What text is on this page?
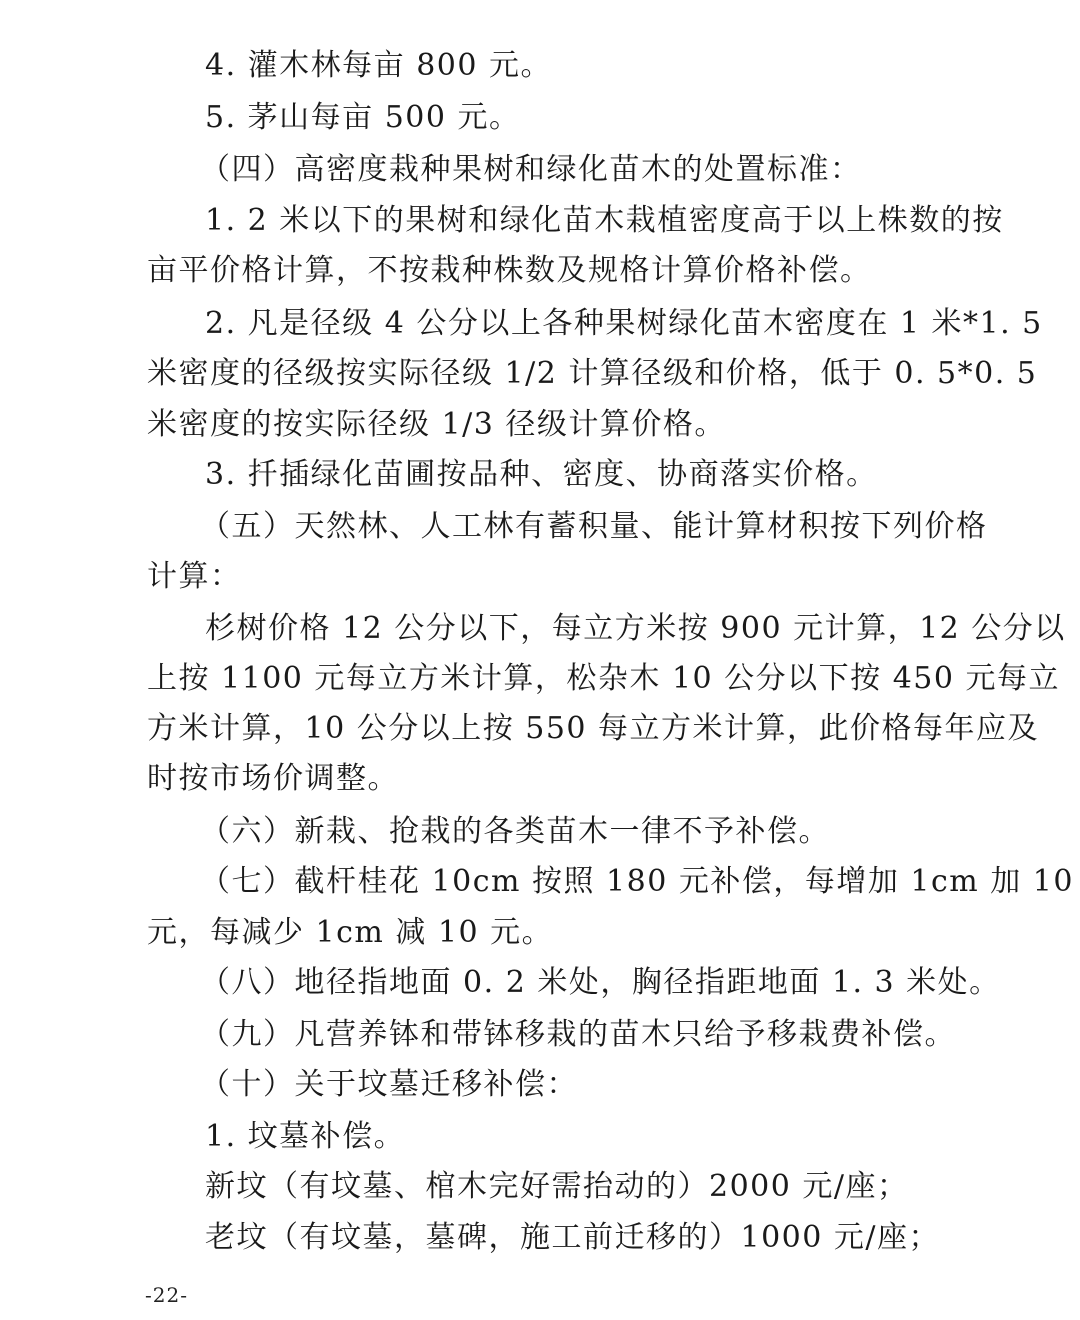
4. 灌木林每亩 800 元。
5. 茅山每亩 500 元。
（四）高密度栽种果树和绿化苗木的处置标准：
1. 2 米以下的果树和绿化苗木栽植密度高于以上株数的按
亩平价格计算，不按栽种株数及规格计算价格补偿。
2. 凡是径级 4 公分以上各种果树绿化苗木密度在 1 米*1. 5
米密度的径级按实际径级 1/2 计算径级和价格，低于 0. 5*0. 5
米密度的按实际径级 1/3 径级计算价格。
3. 扦插绿化苗圃按品种、密度、协商落实价格。
（五）天然林、人工林有蓄积量、能计算材积按下列价格
计算：
杉树价格 12 公分以下，每立方米按 900 元计算，12 公分以
上按 1100 元每立方米计算，松杂木 10 公分以下按 450 元每立
方米计算，10 公分以上按 550 每立方米计算，此价格每年应及
时按市场价调整。
（六）新栽、抢栽的各类苗木一律不予补偿。
（七）截杆桂花 10cm 按照 180 元补偿，每增加 1cm 加 10
元，每减少 1cm 减 10 元。
（八）地径指地面 0. 2 米处，胸径指距地面 1. 3 米处。
（九）凡营养钵和带钵移栽的苗木只给予移栽费补偿。
（十）关于坟墓迁移补偿：
1. 坟墓补偿。
新坟（有坟墓、棺木完好需抬动的）2000 元/座；
老坟（有坟墓，墓碑，施工前迁移的）1000 元/座；
-22-
